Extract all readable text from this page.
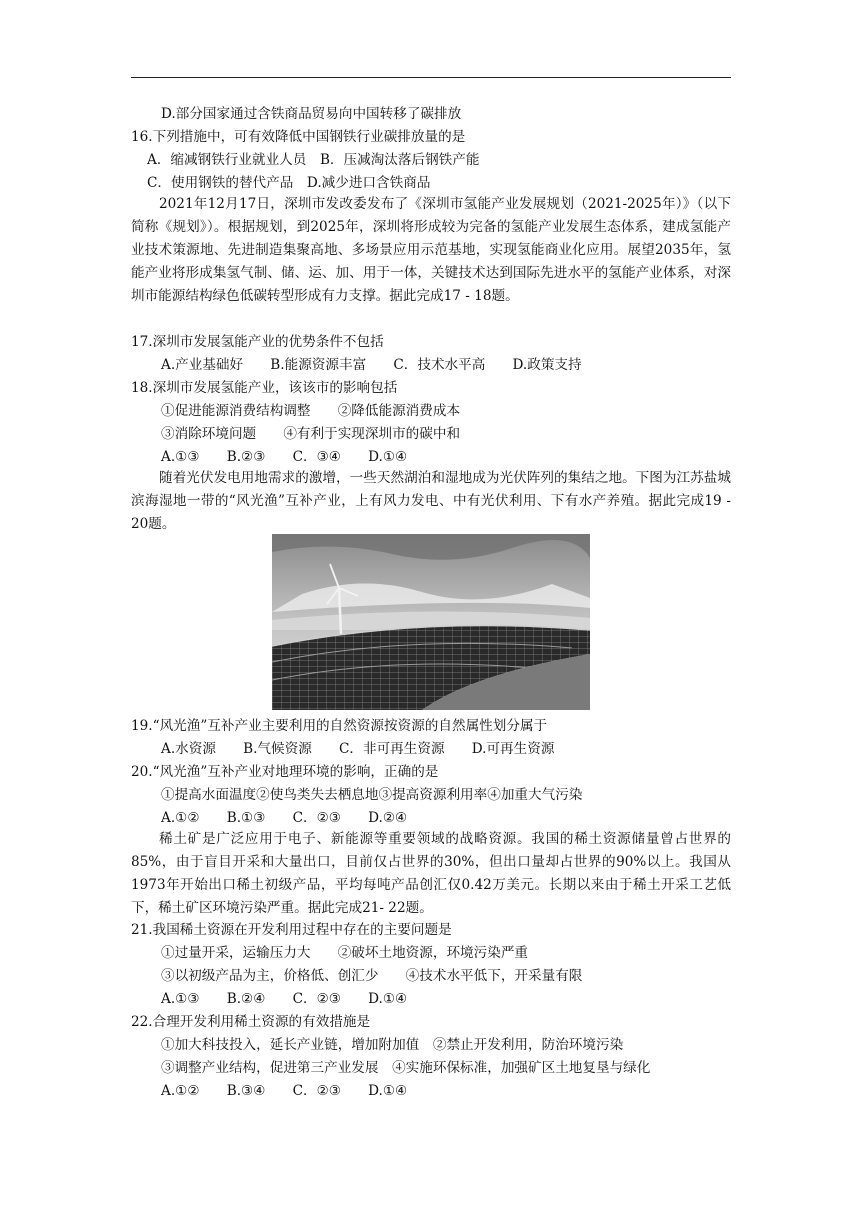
D.部分国家通过含铁商品贸易向中国转移了碳排放
16.下列措施中，可有效降低中国钢铁行业碳排放量的是
A．缩减钢铁行业就业人员　B．压减淘汰落后钢铁产能
C．使用钢铁的替代产品　D.减少进口含铁商品
2021年12月17日，深圳市发改委发布了《深圳市氢能产业发展规划（2021-2025年）》（以下简称《规划》）。根据规划，到2025年，深圳将形成较为完备的氢能产业发展生态体系，建成氢能产业技术策源地、先进制造集聚高地、多场景应用示范基地，实现氢能商业化应用。展望2035年，氢能产业将形成集氢气制、储、运、加、用于一体，关键技术达到国际先进水平的氢能产业体系，对深圳市能源结构绿色低碳转型形成有力支撑。据此完成17 - 18题。
17.深圳市发展氢能产业的优势条件不包括
A.产业基础好　　B.能源资源丰富　　C．技术水平高　　D.政策支持
18.深圳市发展氢能产业，该该市的影响包括
①促进能源消费结构调整　　②降低能源消费成本
③消除环境问题　　④有利于实现深圳市的碳中和
A.①③　　B.②③　　C．③④　　D.①④
随着光伏发电用地需求的激增，一些天然湖泊和湿地成为光伏阵列的集结之地。下图为江苏盐城滨海湿地一带的“风光渔”互补产业，上有风力发电、中有光伏利用、下有水产养殖。据此完成19 - 20题。
19.“风光渔”互补产业主要利用的自然资源按资源的自然属性划分属于
A.水资源　　B.气候资源　　C．非可再生资源　　D.可再生资源
20.“风光渔”互补产业对地理环境的影响，正确的是
①提高水面温度②使鸟类失去栖息地③提高资源利用率④加重大气污染
A.①②　　B.①③　　C．②③　　D.②④
稀土矿是广泛应用于电子、新能源等重要领域的战略资源。我国的稀土资源储量曾占世界的85%，由于盲目开采和大量出口，目前仅占世界的30%，但出口量却占世界的90%以上。我国从1973年开始出口稀土初级产品，平均每吨产品创汇仅0.42万美元。长期以来由于稀土开采工艺低下，稀土矿区环境污染严重。据此完成21- 22题。
21.我国稀土资源在开发利用过程中存在的主要问题是
①过量开采，运输压力大　　②破坏土地资源，环境污染严重
③以初级产品为主，价格低、创汇少　　④技术水平低下，开采量有限
A.①③　　B.②④　　C．②③　　D.①④
22.合理开发利用稀土资源的有效措施是
①加大科技投入，延长产业链，增加附加值　②禁止开发利用，防治环境污染
③调整产业结构，促进第三产业发展　④实施环保标准，加强矿区土地复垦与绿化
A.①②　　B.③④　　C．②③　　D.①④
